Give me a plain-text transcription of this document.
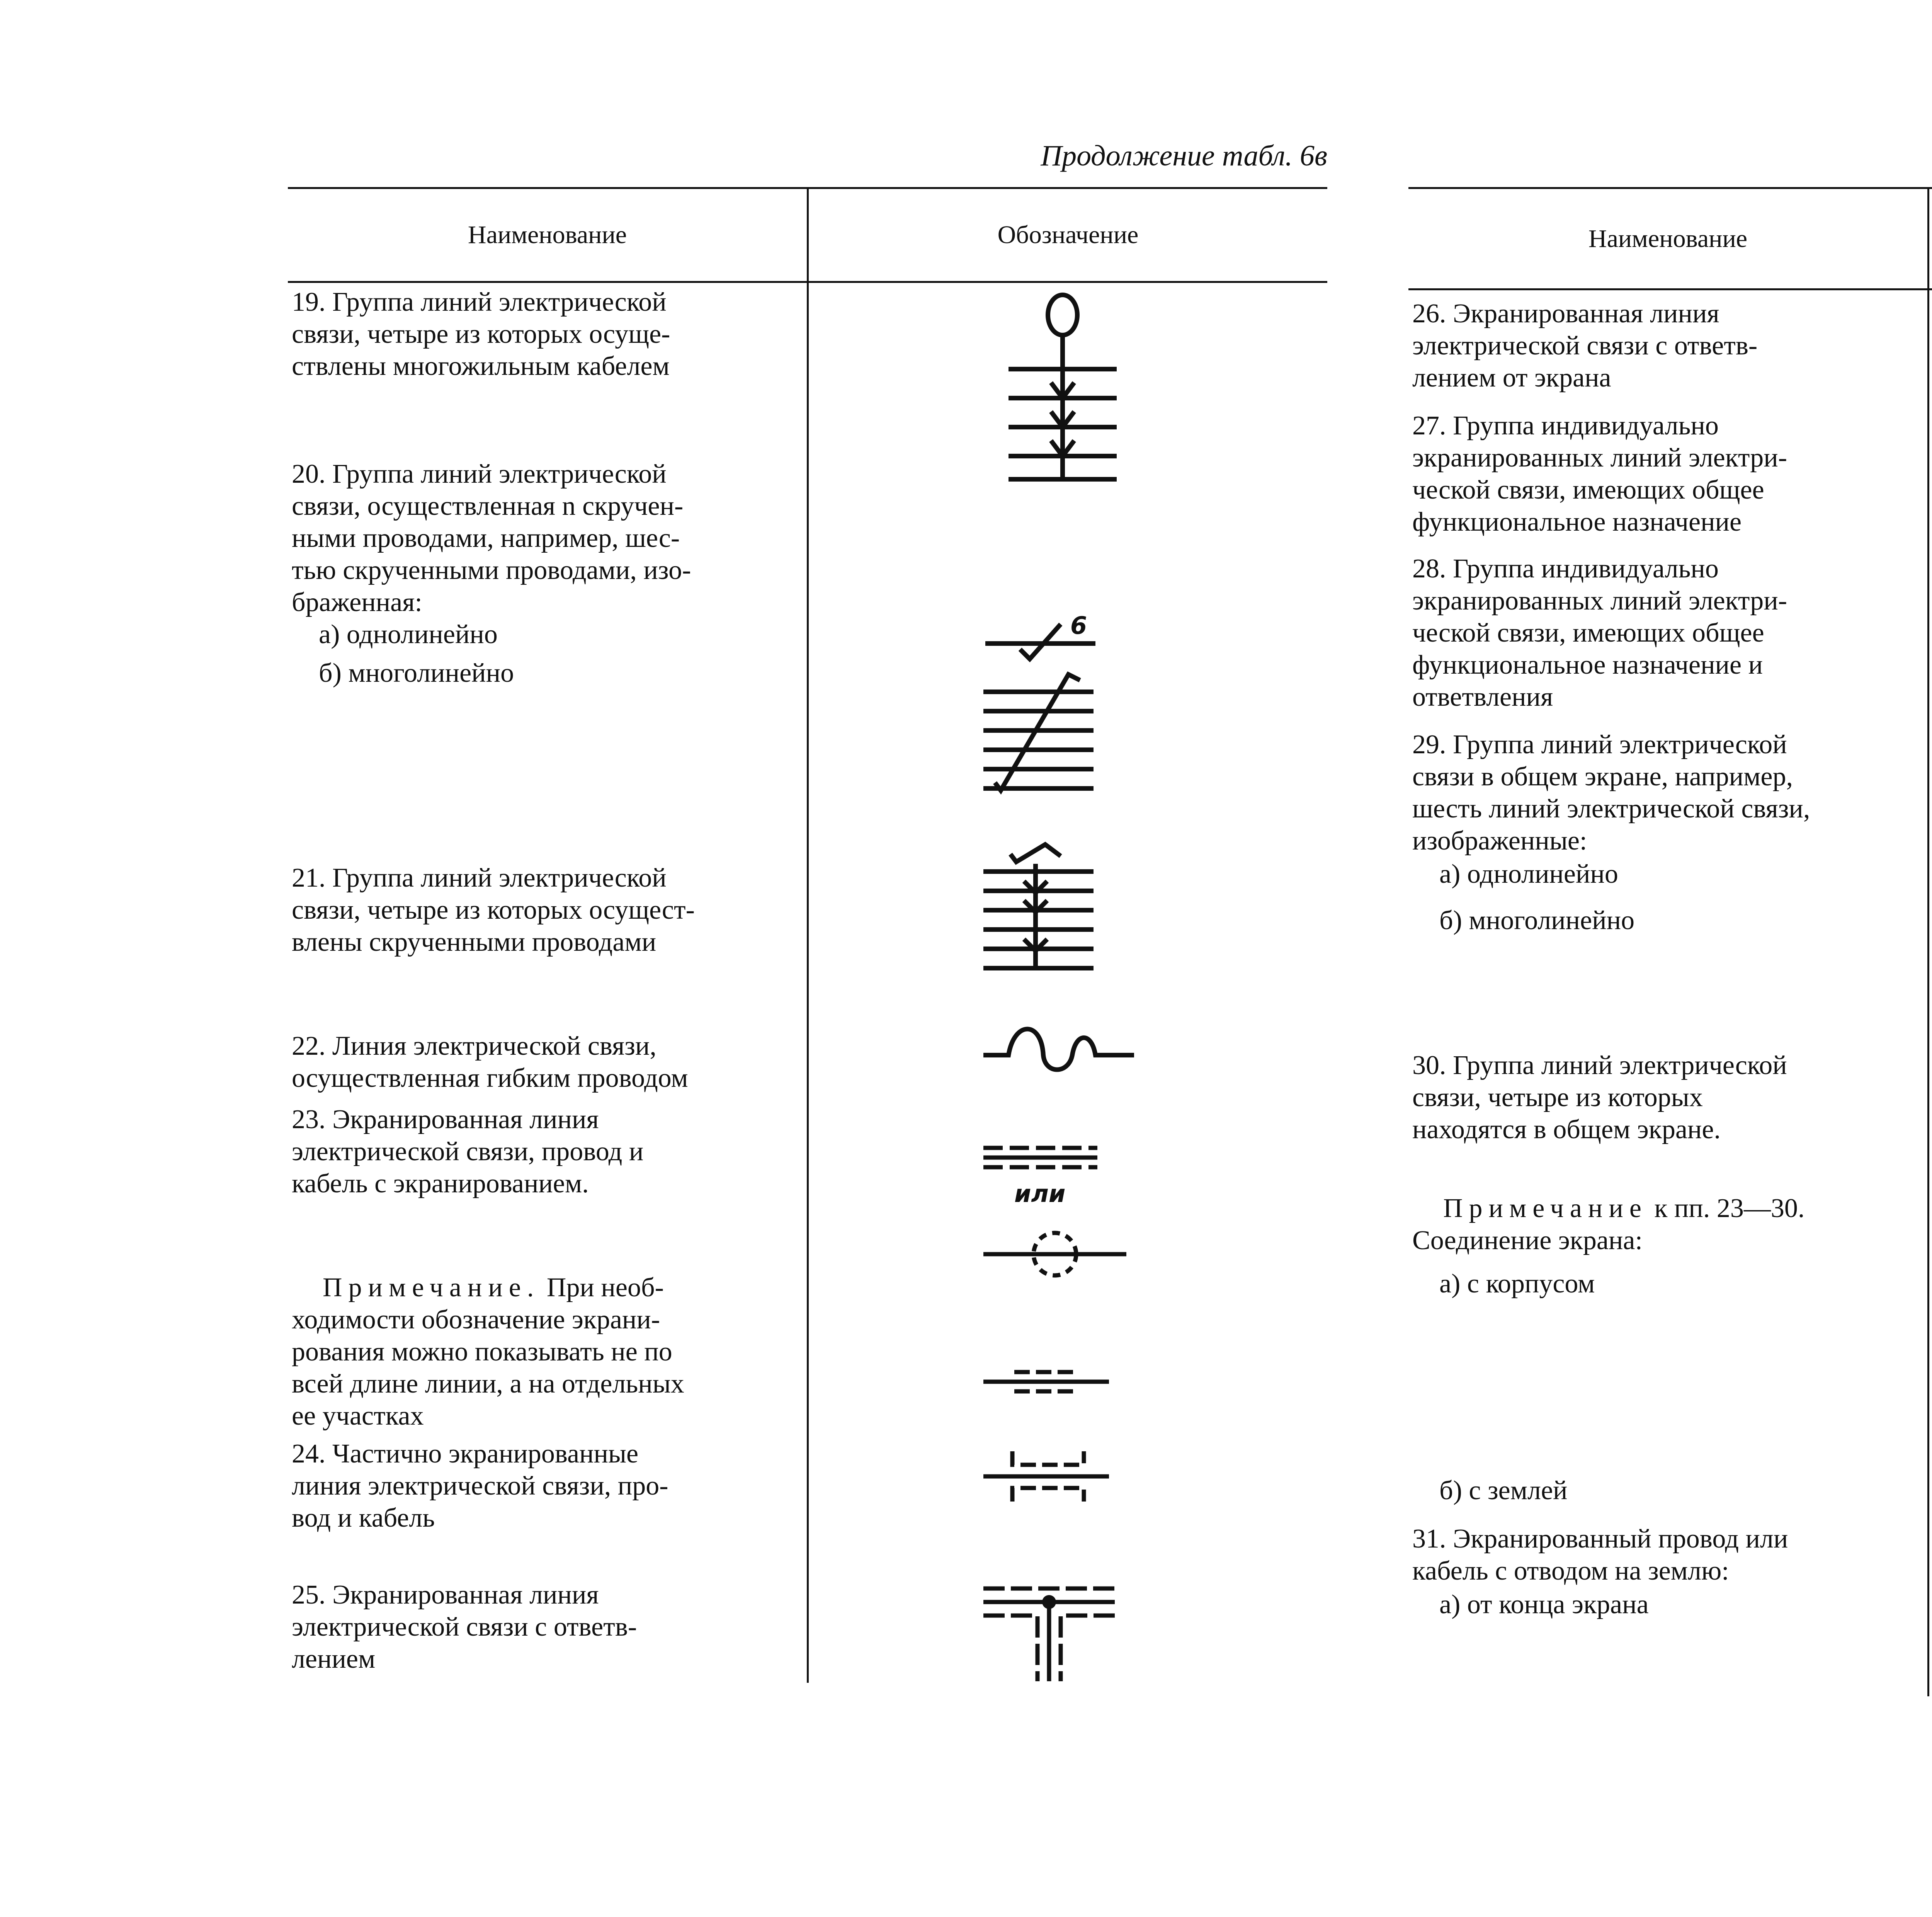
Продолжение табл. 6в
Наименование	Обозначение

19. Группа линий электрической
связи, четыре из которых осуще-
ствлены многожильным кабелем

20. Группа линий электрической
связи, осуществленная n скручен-
ными проводами, например, шес-
тью скрученными проводами, изо-
браженная:

а) однолинейно

б) многолинейно

21. Группа линий электрической
связи, четыре из которых осущест-
влены скрученными проводами

22. Линия электрической связи,
осуществленная гибким проводом

23. Экранированная линия
электрической связи, провод и
кабель с экранированием.

Примечание. При необ-
ходимости обозначение экрани-
рования можно показывать не по
всей длине линии, а на отдельных
ее участках

24. Частично экранированные
линия электрической связи, про-
вод и кабель

25. Экранированная линия
электрической связи с ответв-
лением

6
или
Наименование

26. Экранированная линия
электрической связи с ответв-
лением от экрана

27. Группа индивидуально
экранированных линий электри-
ческой связи, имеющих общее
функциональное назначение

28. Группа индивидуально
экранированных линий электри-
ческой связи, имеющих общее
функциональное назначение и
ответвления

29. Группа линий электрической
связи в общем экране, например,
шесть линий электрической связи,
изображенные:

а) однолинейно

б) многолинейно

30. Группа линий электрической
связи, четыре из которых
находятся в общем экране.

Примечание к пп. 23—30.
Соединение экрана:

а) с корпусом

б) с землей

31. Экранированный провод или
кабель с отводом на землю:

а) от конца экрана
